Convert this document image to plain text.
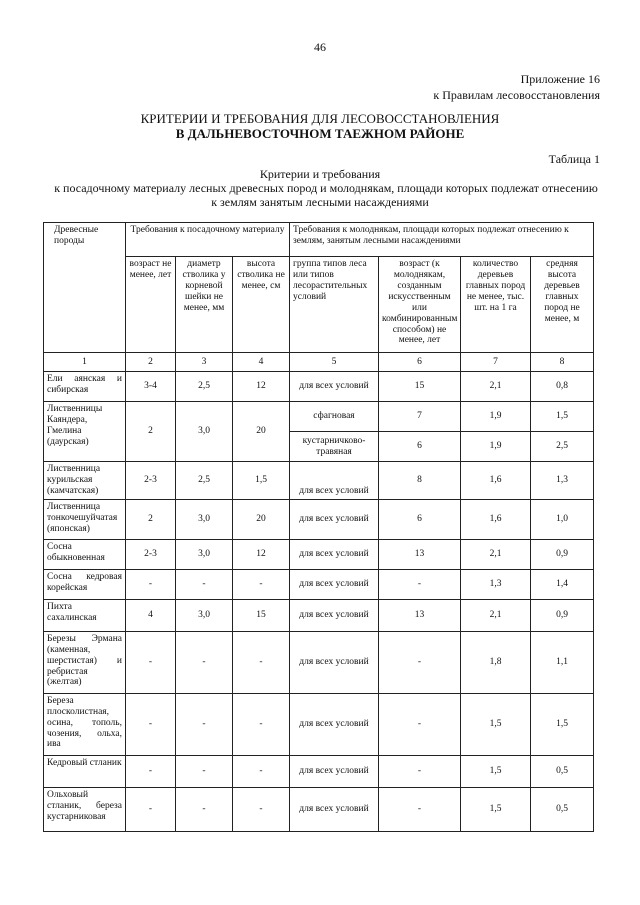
46
Приложение 16
к Правилам лесовосстановления
КРИТЕРИИ И ТРЕБОВАНИЯ ДЛЯ ЛЕСОВОССТАНОВЛЕНИЯ
В ДАЛЬНЕВОСТОЧНОМ ТАЕЖНОМ РАЙОНЕ
Таблица 1
Критерии и требования
к посадочному материалу лесных древесных пород и молоднякам, площади которых подлежат отнесению
к землям занятым лесными насаждениями
Древесные породы	Требования к посадочному материалу			Требования к молоднякам, площади которых подлежат отнесению к землям, занятым лесными насаждениями			
	возраст не менее, лет	диаметр стволика у корневой шейки не менее, мм	высота стволика не менее, см	группа типов леса или типов лесорастительных условий	возраст (к молоднякам, созданным искусственным или комбинированным способом) не менее, лет	количество деревьев главных пород не менее, тыс. шт. на 1 га	средняя высота деревьев главных пород не менее, м
1	2	3	4	5	6	7	8
Ели аянская и сибирская	3-4	2,5	12	для всех условий	15	2,1	0,8
Лиственницы Каяндера, Гмелина (даурская)	2	3,0	20	сфагновая	7	1,9	1,5
				кустарничково-травяная	6	1,9	2,5
Лиственница курильская (камчатская)	2-3	2,5	1,5	для всех условий	8	1,6	1,3
Лиственница тонкочешуйчатая (японская)	2	3,0	20	для всех условий	6	1,6	1,0
Сосна обыкновенная	2-3	3,0	12	для всех условий	13	2,1	0,9
Сосна кедровая корейская	-	-	-	для всех условий	-	1,3	1,4
Пихта сахалинская	4	3,0	15	для всех условий	13	2,1	0,9
Березы Эрмана (каменная, шерстистая) и ребристая (желтая)	-	-	-	для всех условий	-	1,8	1,1
Береза плосколистная, осина, тополь, чозения, ольха, ива	-	-	-	для всех условий	-	1,5	1,5
Кедровый стланик	-	-	-	для всех условий	-	1,5	0,5
Ольховый стланик, береза кустарниковая	-	-	-	для всех условий	-	1,5	0,5
